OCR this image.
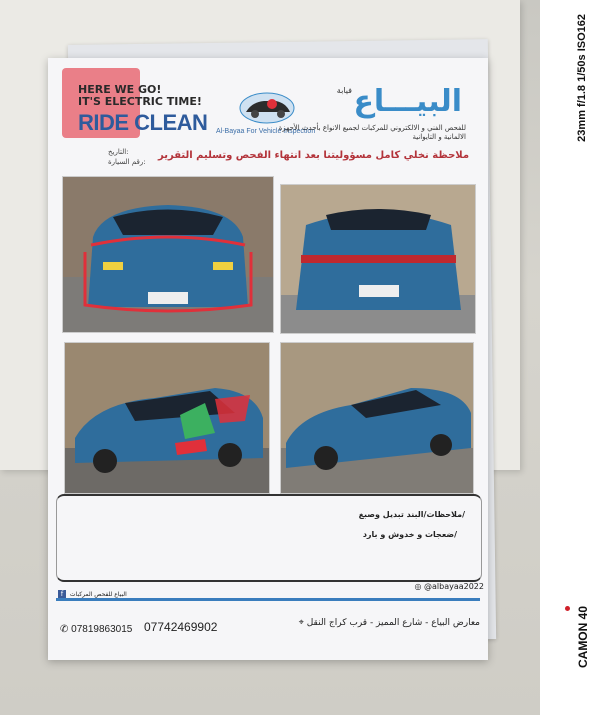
HERE WE GO!
IT'S ELECTRIC TIME!
RIDE CLEAN Al-Bayaa For Vehicle Inspection
البيـــاع
فيابة
للفحص الفني و الالكتروني للمركبات لجميع الانواع بأحدث الأجهزة الالمانية و التايوانية
التاريخ:
رقم السيارة:
ملاحظة نخلي كامل مسؤوليتنا بعد انتهاء الفحص وتسليم التقرير
ملاحظات/البند تبديل وصبغ/
ضعجات و خدوش و بارد/
◎ @albayaa2022
f البياع للفحص المركبات
✆ 07819863015 07742469902	⌖ معارض البياع - شارع المميز - قرب كراج النقل
23mm f/1.8 1/50s ISO162
CAMON 40
